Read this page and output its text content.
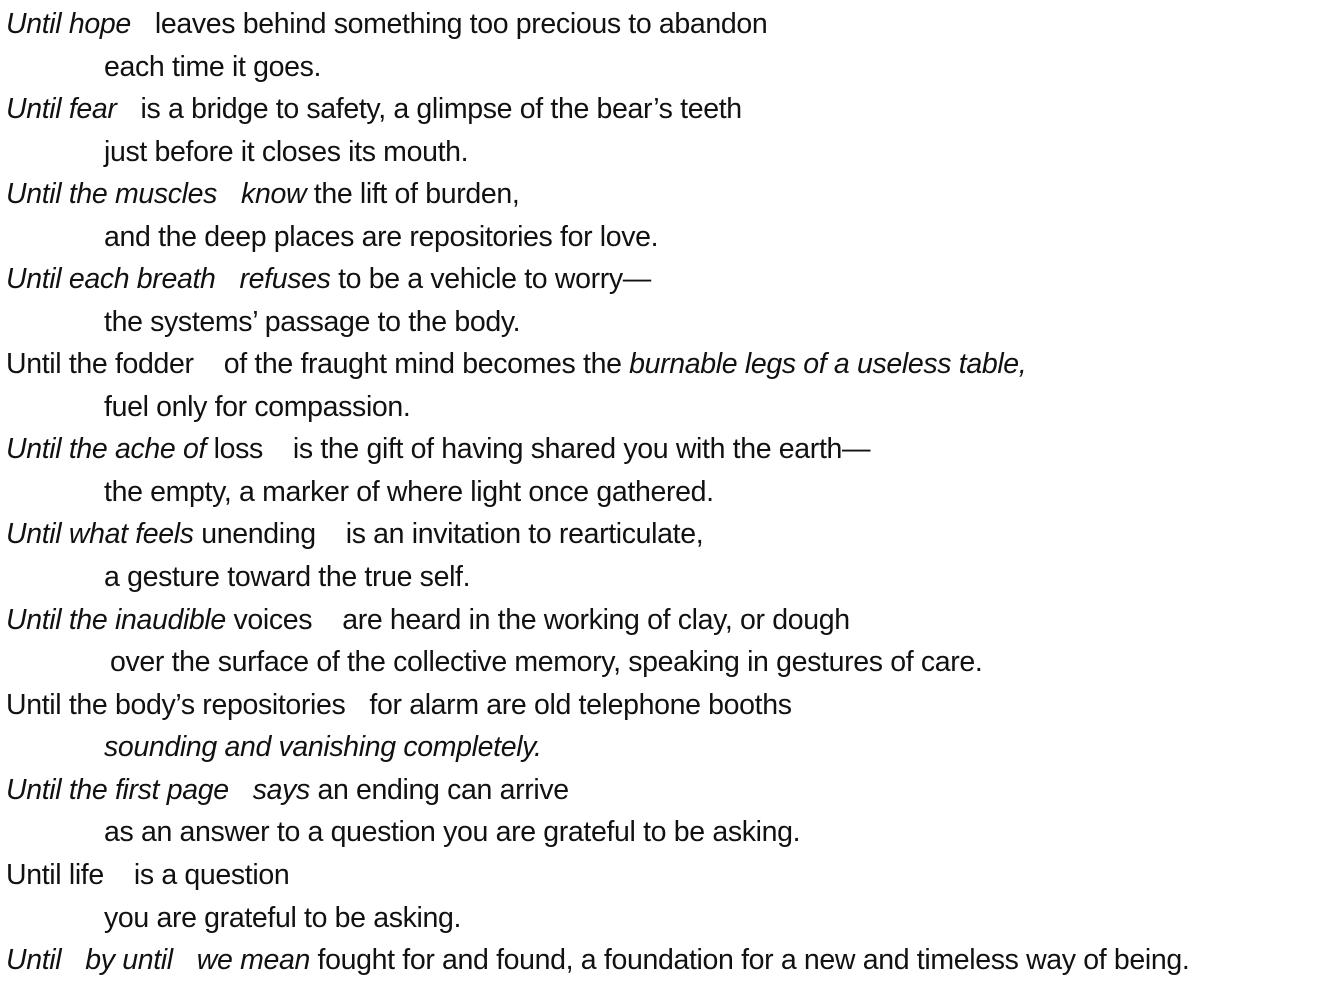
Until hope leaves behind something too precious to abandon
each time it goes.
Until fear is a bridge to safety, a glimpse of the bear’s teeth
just before it closes its mouth.
Until the muscles know the lift of burden,
and the deep places are repositories for love.
Until each breath refuses to be a vehicle to worry—
the systems’ passage to the body.
Until the fodder of the fraught mind becomes the burnable legs of a useless table,
fuel only for compassion.
Until the ache of loss is the gift of having shared you with the earth—
the empty, a marker of where light once gathered.
Until what feels unending is an invitation to rearticulate,
a gesture toward the true self.
Until the inaudible voices are heard in the working of clay, or dough
over the surface of the collective memory, speaking in gestures of care.
Until the body’s repositories for alarm are old telephone booths
sounding and vanishing completely.
Until the first page says an ending can arrive
as an answer to a question you are grateful to be asking.
Until life is a question
you are grateful to be asking.
Until by until we mean fought for and found, a foundation for a new and timeless way of being.
